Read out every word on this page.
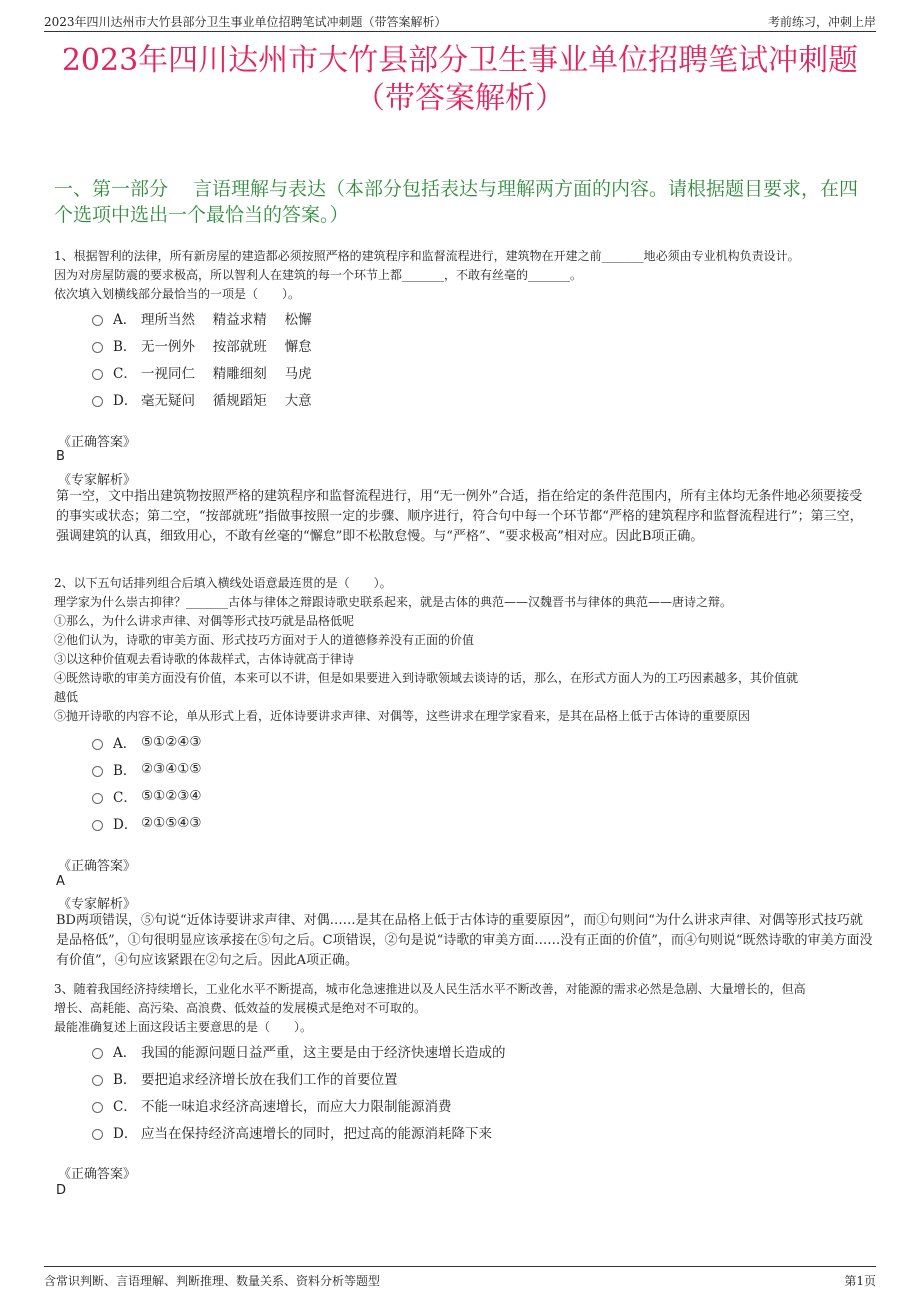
2023年四川达州市大竹县部分卫生事业单位招聘笔试冲刺题（带答案解析）	考前练习，冲刺上岸
2023年四川达州市大竹县部分卫生事业单位招聘笔试冲刺题
（带答案解析）
一、第一部分　 言语理解与表达（本部分包括表达与理解两方面的内容。请根据题目要求，在四个选项中选出一个最恰当的答案。）
1、根据智利的法律，所有新房屋的建造都必须按照严格的建筑程序和监督流程进行，建筑物在开建之前_______地必须由专业机构负责设计。
因为对房屋防震的要求极高，所以智利人在建筑的每一个环节上都_______，不敢有丝毫的_______。
依次填入划横线部分最恰当的一项是（　　）。
A． 理所当然　 精益求精　 松懈
B． 无一例外　 按部就班　 懈怠
C． 一视同仁　 精雕细刻　 马虎
D． 毫无疑问　 循规蹈矩　 大意
《正确答案》
B
《专家解析》
第一空，文中指出建筑物按照严格的建筑程序和监督流程进行，用“无一例外”合适，指在给定的条件范围内，所有主体均无条件地必须要接受的事实或状态；第二空，“按部就班”指做事按照一定的步骤、顺序进行，符合句中每一个环节都“严格的建筑程序和监督流程进行”；第三空，强调建筑的认真，细致用心，不敢有丝毫的“懈怠”即不松散怠慢。与“严格”、“要求极高”相对应。因此B项正确。
2、以下五句话排列组合后填入横线处语意最连贯的是（　　）。
理学家为什么崇古抑律？_______古体与律体之辩跟诗歌史联系起来，就是古体的典范——汉魏晋书与律体的典范——唐诗之辩。
①那么，为什么讲求声律、对偶等形式技巧就是品格低呢
②他们认为，诗歌的审美方面、形式技巧方面对于人的道德修养没有正面的价值
③以这种价值观去看诗歌的体裁样式，古体诗就高于律诗
④既然诗歌的审美方面没有价值，本来可以不讲，但是如果要进入到诗歌领域去谈诗的话，那么，在形式方面人为的工巧因素越多，其价值就
越低
⑤抛开诗歌的内容不论，单从形式上看，近体诗要讲求声律、对偶等，这些讲求在理学家看来，是其在品格上低于古体诗的重要原因
A． ⑤①②④③
B． ②③④①⑤
C． ⑤①②③④
D． ②①⑤④③
《正确答案》
A
《专家解析》
BD两项错误，⑤句说“近体诗要讲求声律、对偶……是其在品格上低于古体诗的重要原因”，而①句则问“为什么讲求声律、对偶等形式技巧就是品格低”，①句很明显应该承接在⑤句之后。C项错误，②句是说“诗歌的审美方面……没有正面的价值”，而④句则说“既然诗歌的审美方面没有价值”，④句应该紧跟在②句之后。因此A项正确。
3、随着我国经济持续增长，工业化水平不断提高，城市化急速推进以及人民生活水平不断改善，对能源的需求必然是急剧、大量增长的，但高
增长、高耗能、高污染、高浪费、低效益的发展模式是绝对不可取的。
最能准确复述上面这段话主要意思的是（　　）。
A． 我国的能源问题日益严重，这主要是由于经济快速增长造成的
B． 要把追求经济增长放在我们工作的首要位置
C． 不能一味追求经济高速增长，而应大力限制能源消费
D． 应当在保持经济高速增长的同时，把过高的能源消耗降下来
《正确答案》
D
含常识判断、言语理解、判断推理、数量关系、资料分析等题型	第1页
